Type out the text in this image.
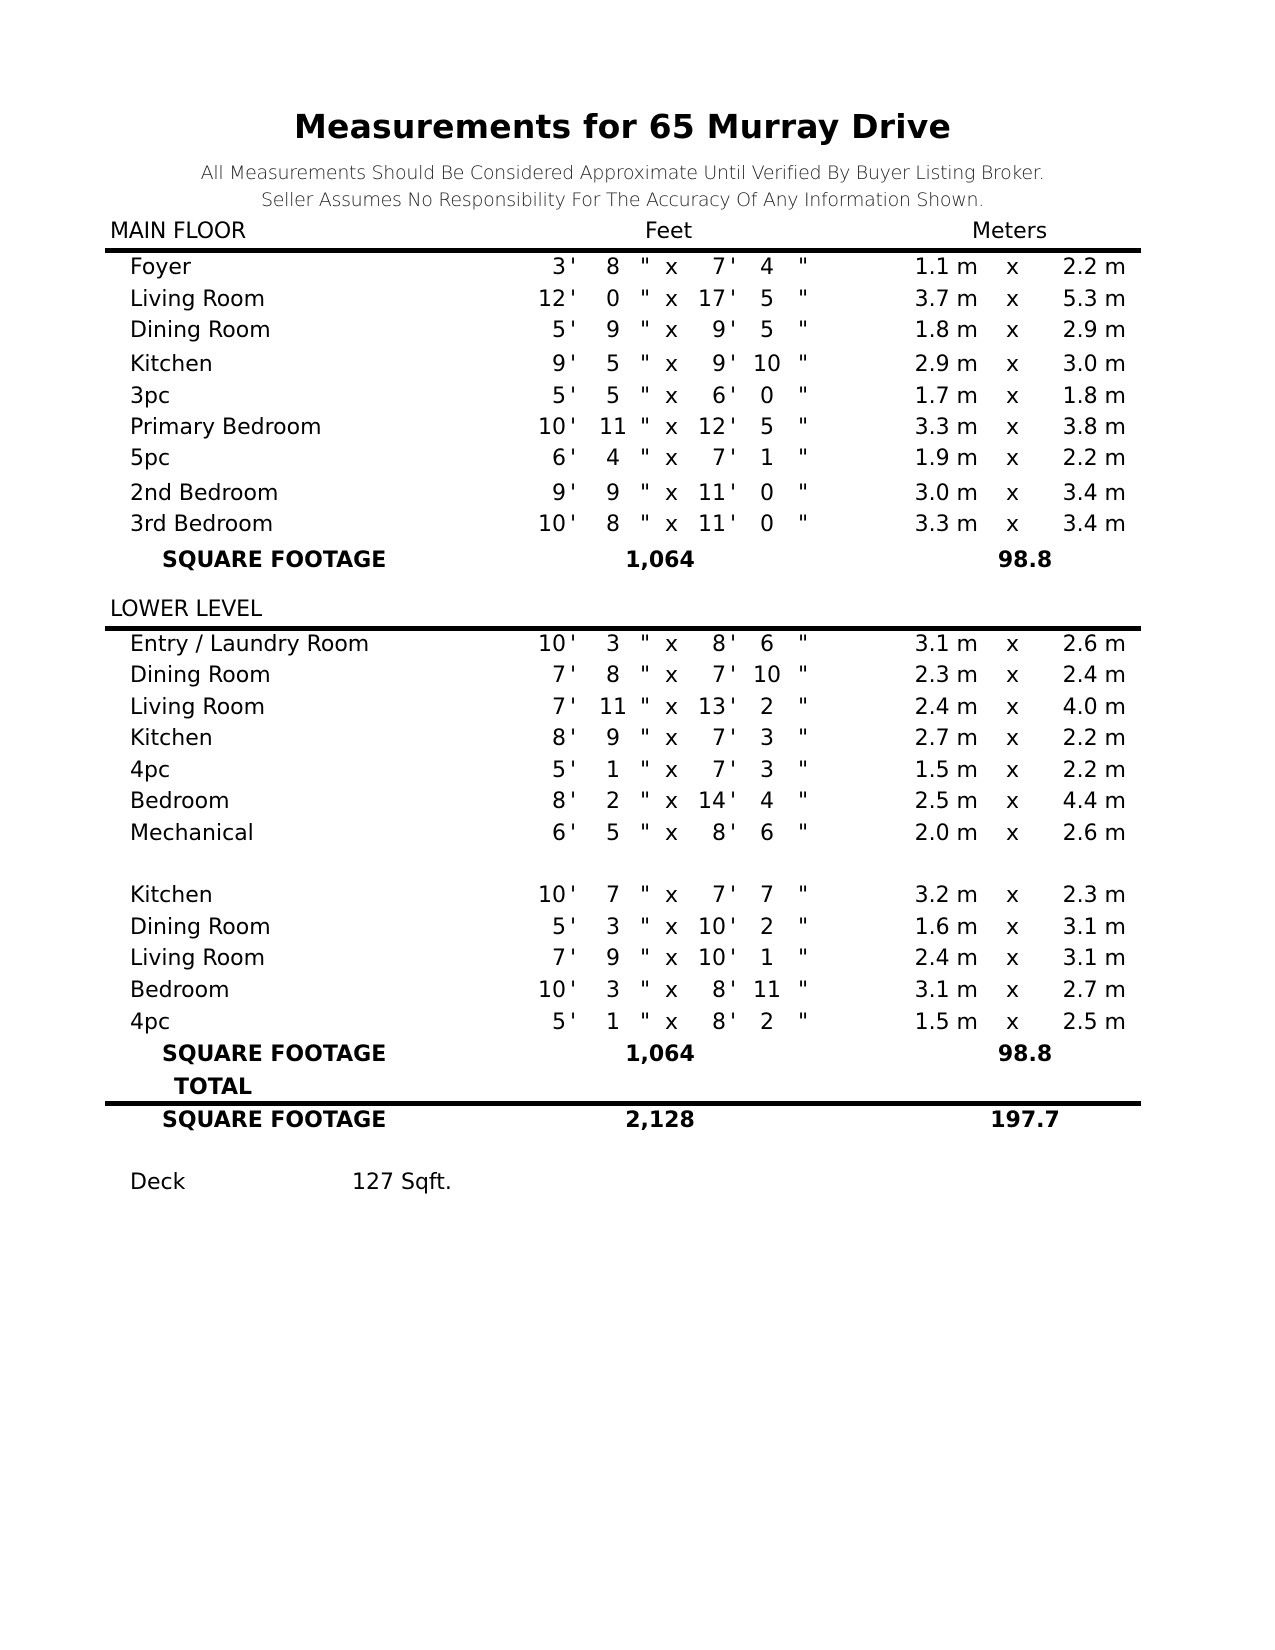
Measurements for 65 Murray Drive
All Measurements Should Be Considered Approximate Until Verified By Buyer Listing Broker.
Seller Assumes No Responsibility For The Accuracy Of Any Information Shown.
MAIN FLOOR	Feet	Meters
Foyer	3 '	8 " x	7 '	4	"	1.1 m x	2.2 m
Living Room	12 '	0 " x 17 '	5	"	3.7 m x	5.3 m
Dining Room	5 '	9 " x	9 '	5	"	1.8 m x	2.9 m
Kitchen	9 '	5 " x	9 ' 10 "	2.9 m x	3.0 m
3pc	5 '	5 " x	6 '	0	"	1.7 m x	1.8 m
Primary Bedroom	10 ' 11 " x 12 '	5	"	3.3 m x	3.8 m
5pc	6 '	4 " x	7 '	1	"	1.9 m x	2.2 m
2nd Bedroom	9 '	9 " x 11 '	0	"	3.0 m x	3.4 m
3rd Bedroom	10 '	8 " x 11 '	0	"	3.3 m x	3.4 m
SQUARE FOOTAGE	1,064	98.8
LOWER LEVEL
Entry / Laundry Room	10 '	3 " x	8 '	6	"	3.1 m x	2.6 m
Dining Room	7 '	8 " x	7 ' 10 "	2.3 m x	2.4 m
Living Room	7 ' 11 " x 13 '	2	"	2.4 m x	4.0 m
Kitchen	8 '	9 " x	7 '	3	"	2.7 m x	2.2 m
4pc	5 '	1 " x	7 '	3	"	1.5 m x	2.2 m
Bedroom	8 '	2 " x 14 '	4	"	2.5 m x	4.4 m
Mechanical	6 '	5 " x	8 '	6	"	2.0 m x	2.6 m
Kitchen	10 '	7 " x	7 '	7	"	3.2 m x	2.3 m
Dining Room	5 '	3 " x 10 '	2	"	1.6 m x	3.1 m
Living Room	7 '	9 " x 10 '	1	"	2.4 m x	3.1 m
Bedroom	10 '	3 " x	8 ' 11 "	3.1 m x	2.7 m
4pc	5 '	1 " x	8 '	2	"	1.5 m x	2.5 m
SQUARE FOOTAGE	1,064	98.8
TOTAL
SQUARE FOOTAGE	2,128	197.7
Deck	127 Sqft.
